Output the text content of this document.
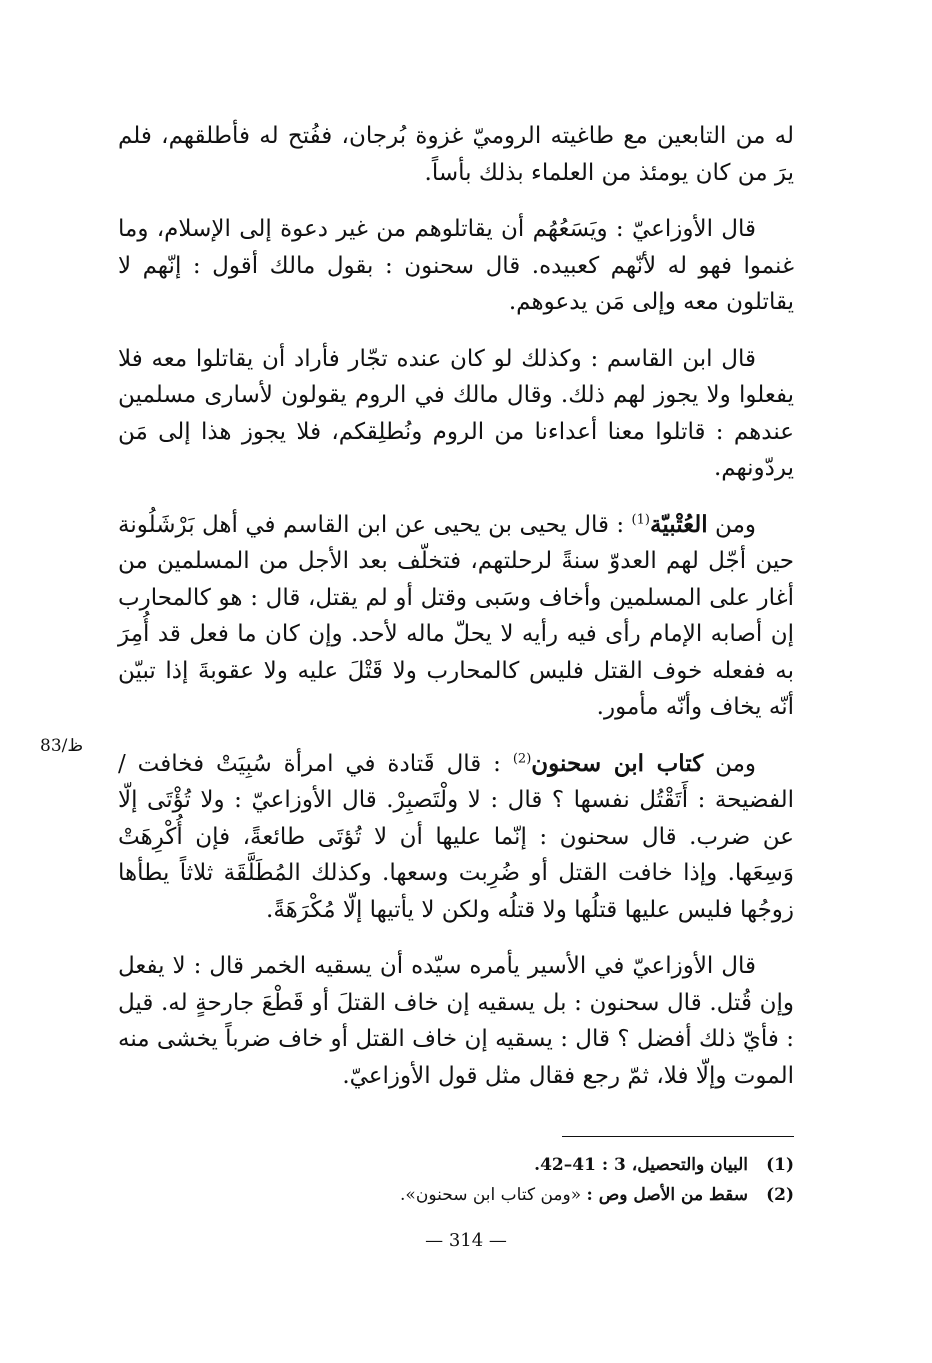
83/ظ

له من التابعين مع طاغيته الروميّ غزوة بُرجان، ففُتح له فأطلقهم، فلم يرَ من كان يومئذ من العلماء بذلك بأساً.

قال الأوزاعيّ : ويَسَعُهُم أن يقاتلوهم من غير دعوة إلى الإسلام، وما غنموا فهو له لأنّهم كعبيده. قال سحنون : بقول مالك أقول : إنّهم لا يقاتلون معه وإلى مَن يدعوهم.

قال ابن القاسم : وكذلك لو كان عنده تجّار فأراد أن يقاتلوا معه فلا يفعلوا ولا يجوز لهم ذلك. وقال مالك في الروم يقولون لأسارى مسلمين عندهم : قاتلوا معنا أعداءنا من الروم ونُطلِقكم، فلا يجوز هذا إلى مَن يردّونهم.

ومن العُتْبيّة$^{(1)}$ : قال يحيى بن يحيى عن ابن القاسم في أهل بَرْشَلُونة حين أجّل لهم العدوّ سنةً لرحلتهم، فتخلّف بعد الأجل من المسلمين من أغار على المسلمين وأخاف وسَبى وقتل أو لم يقتل، قال : هو كالمحارب إن أصابه الإمام رأى فيه رأيه لا يحلّ ماله لأحد. وإن كان ما فعل قد أُمِرَ به ففعله خوف القتل فليس كالمحارب ولا قَتْلَ عليه ولا عقوبةَ إذا تبيّن أنّه يخاف وأنّه مأمور.

ومن كتاب ابن سحنون$^{(2)}$ : قال قَتادة في امرأة سُبِيَتْ فخافت / الفضيحة : أَتَقْتُل نفسها ؟ قال : لا ولْتَصبِرْ. قال الأوزاعيّ : ولا تُؤْتَى إلّا عن ضرب. قال سحنون : إنّما عليها أن لا تُؤتَى طائعةً، فإن أُكْرِهَتْ وَسِعَها. وإذا خافت القتل أو ضُرِبت وسعها. وكذلك المُطَلَّقَة ثلاثاً يطأها زوجُها فليس عليها قتلُها ولا قتلُه ولكن لا يأتيها إلّا مُكْرَهَةً.

قال الأوزاعيّ في الأسير يأمره سيّده أن يسقيه الخمر قال : لا يفعل وإن قُتل. قال سحنون : بل يسقيه إن خاف القتلَ أو قَطْعَ جارحةٍ له. قيل : فأيّ ذلك أفضل ؟ قال : يسقيه إن خاف القتل أو خاف ضرباً يخشى منه الموت وإلّا فلا، ثمّ رجع فقال مثل قول الأوزاعيّ.

(1)
البيان والتحصيل، 3 : 41–42.
(2)
سقط من الأصل وص : «ومن كتاب ابن سحنون».
— 314 —
